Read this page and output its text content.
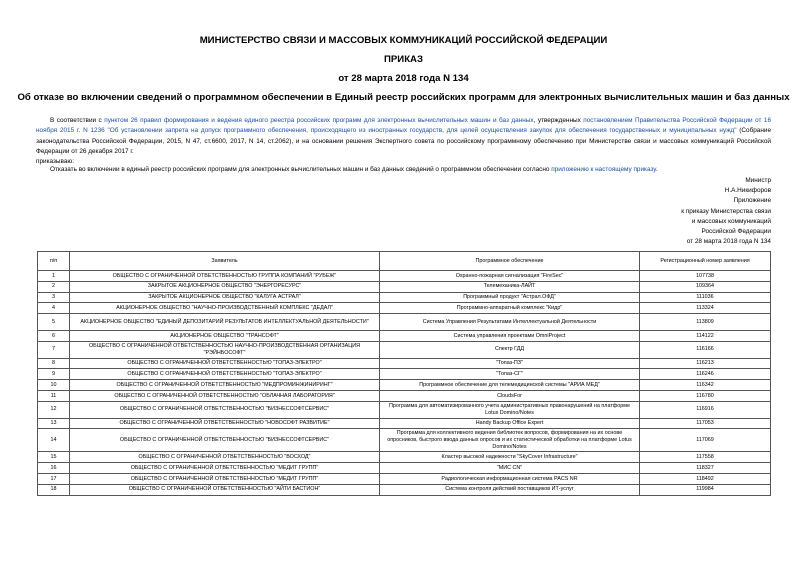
МИНИСТЕРСТВО СВЯЗИ И МАССОВЫХ КОММУНИКАЦИЙ РОССИЙСКОЙ ФЕДЕРАЦИИ
ПРИКАЗ
от 28 марта 2018 года N 134
Об отказе во включении сведений о программном обеспечении в Единый реестр российских программ для электронных вычислительных машин и баз данных
В соответствии с пунктом 26 правил формирования и ведения единого реестра российских программ для электронных вычислительных машин и баз данных, утвержденных постановлением Правительства Российской Федерации от 16 ноября 2015 г. N 1236 "Об установлении запрета на допуск программного обеспечения, происходящего из иностранных государств, для целей осуществления закупок для обеспечения государственных и муниципальных нужд" (Собрание законодательства Российской Федерации, 2015, N 47, ст.6600, 2017, N 14, ст.2062), и на основании решения Экспертного совета по российскому программному обеспечению при Министерстве связи и массовых коммуникаций Российской Федерации от 26 декабря 2017 г.
приказываю:
Отказать во включении в единый реестр российских программ для электронных вычислительных машин и баз данных сведений о программном обеспечении согласно приложению к настоящему приказу.
Министр
Н.А.Никифоров
Приложение
к приказу Министерства связи
и массовых коммуникаций
Российской Федерации
от 28 марта 2018 года N 134
п/п	Заявитель	Программное обеспечение	Регистрационный номер заявления
1	ОБЩЕСТВО С ОГРАНИЧЕННОЙ ОТВЕТСТВЕННОСТЬЮ ГРУППА КОМПАНИЙ "РУБЕЖ"	Охранно-пожарная сигнализация "FireSec"	107738
2	ЗАКРЫТОЕ АКЦИОНЕРНОЕ ОБЩЕСТВО "ЭНЕРГОРЕСУРС"	Телемеханика-ЛАЙТ	109364
3	ЗАКРЫТОЕ АКЦИОНЕРНОЕ ОБЩЕСТВО "КАЛУГА АСТРАЛ"	Программный продукт "Астрал.ОФД"	111036
4	АКЦИОНЕРНОЕ ОБЩЕСТВО "НАУЧНО-ПРОИЗВОДСТВЕННЫЙ КОМПЛЕКС "ДЕДАЛ"	Программно-аппаратный комплекс "Кидр"	113324
5	АКЦИОНЕРНОЕ ОБЩЕСТВО "ЕДИНЫЙ ДЕПОЗИТАРИЙ РЕЗУЛЬТАТОВ ИНТЕЛЛЕКТУАЛЬНОЙ ДЕЯТЕЛЬНОСТИ"	Система Управления Результатами Интеллектуальной Деятельности	113809
6	АКЦИОНЕРНОЕ ОБЩЕСТВО "ТРАНСОФТ"	Система управления проектами OmniProject	114122
7	ОБЩЕСТВО С ОГРАНИЧЕННОЙ ОТВЕТСТВЕННОСТЬЮ НАУЧНО-ПРОИЗВОДСТВЕННАЯ ОРГАНИЗАЦИЯ "РЭЙНБОСОФТ"	Спектр ГДД	116166
8	ОБЩЕСТВО С ОГРАНИЧЕННОЙ ОТВЕТСТВЕННОСТЬЮ "ТОПАЗ-ЭЛЕКТРО"	"Топаз-ПЗ"	116213
9	ОБЩЕСТВО С ОГРАНИЧЕННОЙ ОТВЕТСТВЕННОСТЬЮ "ТОПАЗ-ЭЛЕКТРО"	"Топаз-СГ"	116246
10	ОБЩЕСТВО С ОГРАНИЧЕННОЙ ОТВЕТСТВЕННОСТЬЮ "МЕДПРОМИНЖИНИРИНГ"	Программное обеспечение для телемедицинской системы "АРИА МЕД"	116342
11	ОБЩЕСТВО С ОГРАНИЧЕННОЙ ОТВЕТСТВЕННОСТЬЮ "ОБЛАЧНАЯ ЛАБОРАТОРИЯ"	CloudsFor	116780
12	ОБЩЕСТВО С ОГРАНИЧЕННОЙ ОТВЕТСТВЕННОСТЬЮ "БИЗНЕССОФТСЕРВИС"	Программа для автоматизированного учета административных правонарушений на платформе Lotus Domino/Notes	116916
13	ОБЩЕСТВО С ОГРАНИЧЕННОЙ ОТВЕТСТВЕННОСТЬЮ "НОВОСОФТ РАЗВИТИЕ"	Handy Backup Office Expert	117053
14	ОБЩЕСТВО С ОГРАНИЧЕННОЙ ОТВЕТСТВЕННОСТЬЮ "БИЗНЕССОФТСЕРВИС"	Программа для коллективного ведения библиотек вопросов, формирования на их основе опросников, быстрого ввода данных опросов и их статистической обработки на платформе Lotus Domino/Notes	117069
15	ОБЩЕСТВО С ОГРАНИЧЕННОЙ ОТВЕТСТВЕННОСТЬЮ "ВОСХОД"	Кластер высокой надежности "SkyCover Infrastructure"	117558
16	ОБЩЕСТВО С ОГРАНИЧЕННОЙ ОТВЕТСТВЕННОСТЬЮ "МЕДИТ ГРУПП"	"МИС CN"	118327
17	ОБЩЕСТВО С ОГРАНИЧЕННОЙ ОТВЕТСТВЕННОСТЬЮ "МЕДИТ ГРУПП"	Радиологическая информационная система PACS NR	118492
18	ОБЩЕСТВО С ОГРАНИЧЕННОЙ ОТВЕТСТВЕННОСТЬЮ "АЙТИ БАСТИОН"	Система контроля действий поставщиков ИТ-услуг	119984
